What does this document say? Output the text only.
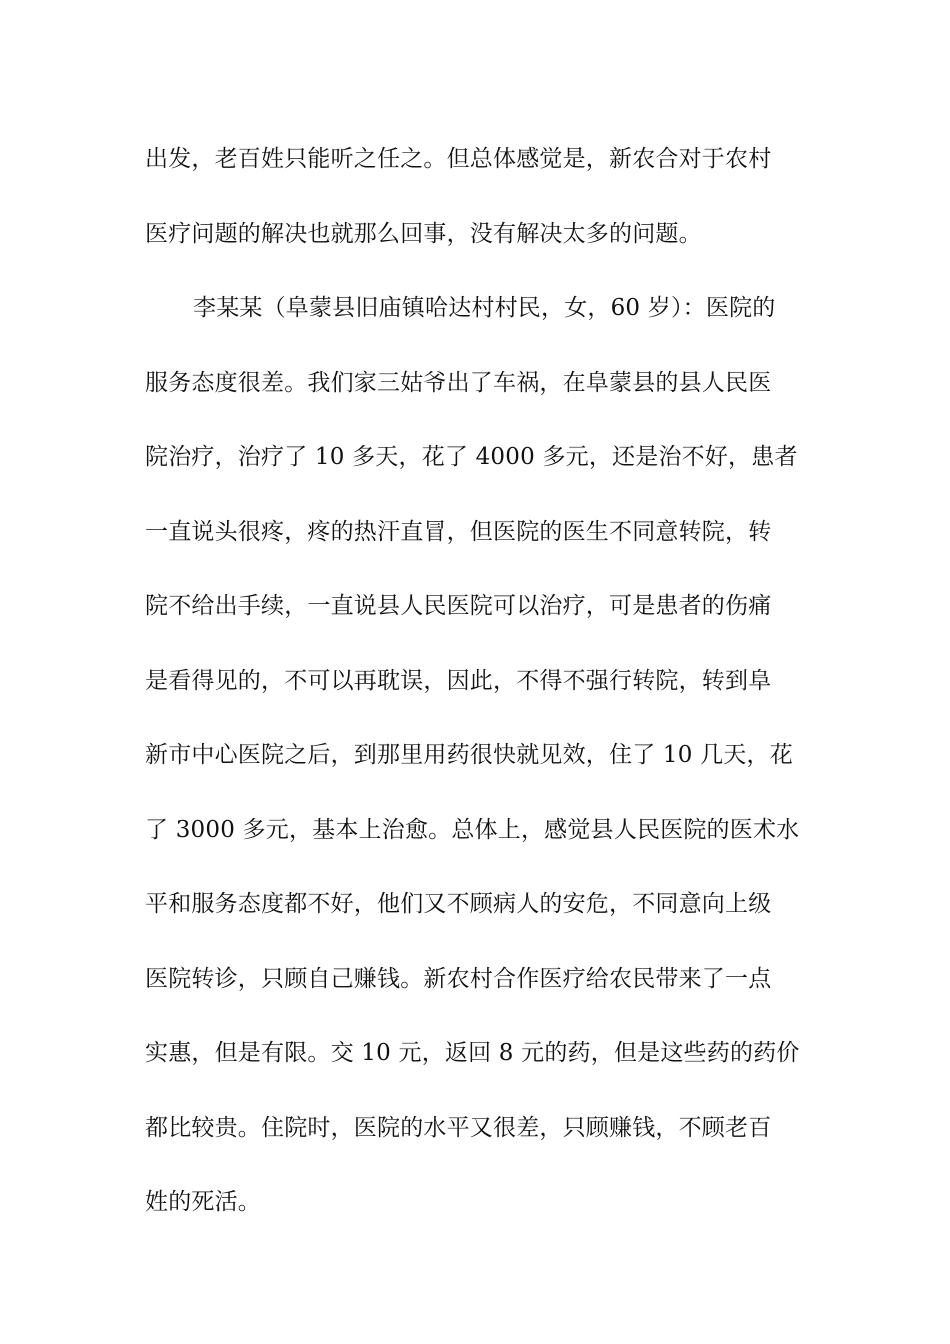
出发，老百姓只能听之任之。但总体感觉是，新农合对于农村
医疗问题的解决也就那么回事，没有解决太多的问题。
李某某（阜蒙县旧庙镇哈达村村民，女，60 岁）：医院的
服务态度很差。我们家三姑爷出了车祸，在阜蒙县的县人民医
院治疗，治疗了 10 多天，花了 4000 多元，还是治不好，患者
一直说头很疼，疼的热汗直冒，但医院的医生不同意转院，转
院不给出手续，一直说县人民医院可以治疗，可是患者的伤痛
是看得见的，不可以再耽误，因此，不得不强行转院，转到阜
新市中心医院之后，到那里用药很快就见效，住了 10 几天，花
了 3000 多元，基本上治愈。总体上，感觉县人民医院的医术水
平和服务态度都不好，他们又不顾病人的安危，不同意向上级
医院转诊，只顾自己赚钱。新农村合作医疗给农民带来了一点
实惠，但是有限。交 10 元，返回 8 元的药，但是这些药的药价
都比较贵。住院时，医院的水平又很差，只顾赚钱，不顾老百
姓的死活。
